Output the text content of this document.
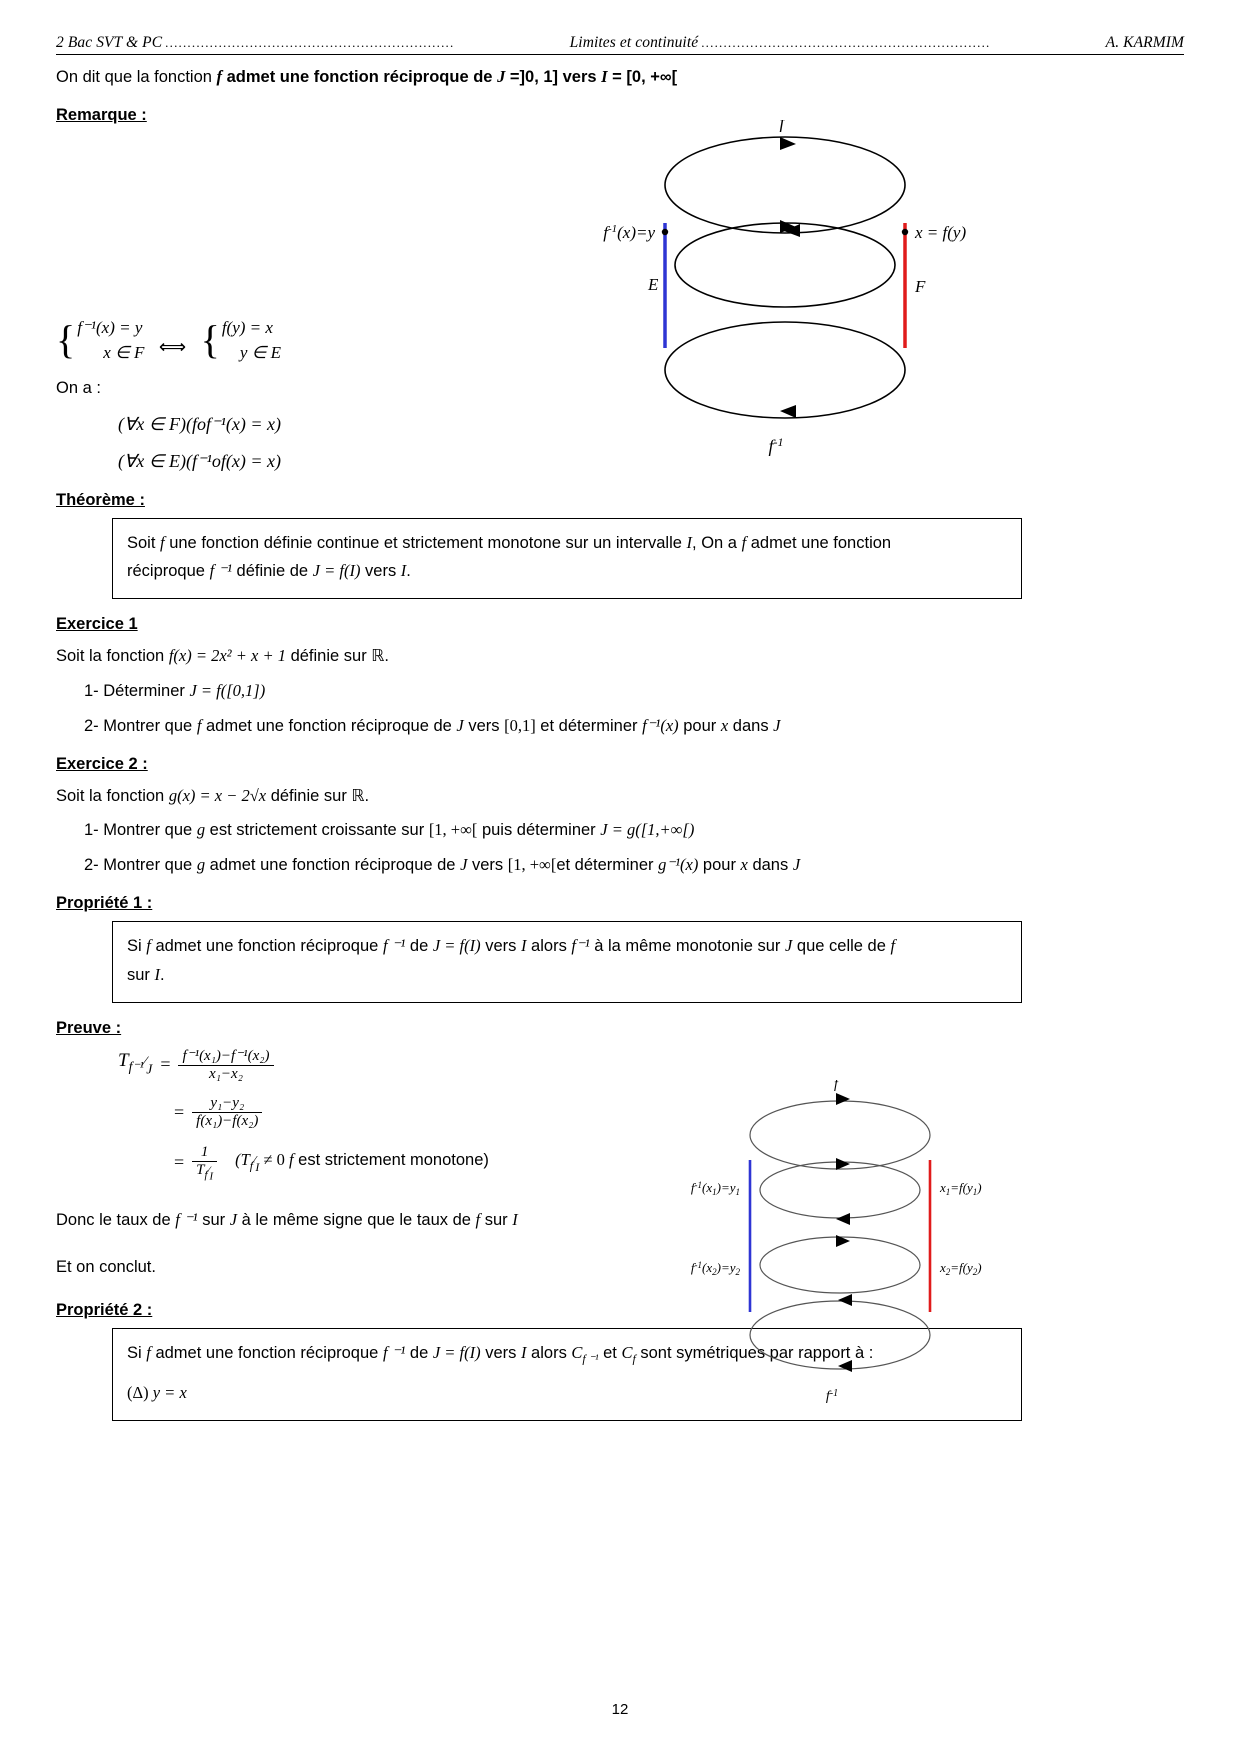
2 Bac SVT & PC .................................................................	Limites et continuité .................................................................	A. KARMIM
On dit que la fonction f admet une fonction réciproque de J =]0, 1] vers I = [0, +∞[
Remarque :	f
$f^{-1}$
$f^{-1}(x)=y$	x = f(y)
E	F
{ f⁻¹(x) = y
x ∈ F ⟺ { f(y) = x
y ∈ E
On a :
(∀x ∈ F)(fof⁻¹(x) = x)
(∀x ∈ E)(f⁻¹of(x) = x)
Théorème :
Soit f une fonction définie continue et strictement monotone sur un intervalle I, On a f admet une fonction
réciproque f ⁻¹ définie de J = f(I) vers I.
Exercice 1
Soit la fonction f(x) = 2x² + x + 1 définie sur ℝ.
1- Déterminer J = f([0,1])
2- Montrer que f admet une fonction réciproque de J vers [0,1] et déterminer f⁻¹(x) pour x dans J
Exercice 2 :
Soit la fonction g(x) = x − 2√x définie sur ℝ.
1- Montrer que g est strictement croissante sur [1, +∞[ puis déterminer J = g([1,+∞[)
2- Montrer que g admet une fonction réciproque de J vers [1, +∞[et déterminer g⁻¹(x) pour x dans J
Propriété 1 :
Si f admet une fonction réciproque f ⁻¹ de J = f(I) vers I alors f⁻¹ à la même monotonie sur J que celle de f
sur I.
Preuve :
f
$f^{-1}$
$f^{-1}(x_1)=y_1$	$x_1=f(y_1)$
$f^{-1}(x_2)=y_2$	$x_2=f(y_2)$
$T_{f^{-1}}⁄_J = \frac{\text{f⁻¹(x₁)−f⁻¹(x₂)}}{\text{x₁−x₂}}$
= $\frac{\text{y₁−y₂}}{\text{f(x₁)−f(x₂)}}$
= $\frac{1}{T_f⁄_I}$ ($T_f⁄_I \ne 0$ f est strictement monotone)
Donc le taux de f ⁻¹ sur J à le même signe que le taux de f sur I
Et on conclut.
Propriété 2 :
Si f admet une fonction réciproque f ⁻¹ de J = f(I) vers I alors $C_{f ^{-1}}$ et $C_f$ sont symétriques par rapport à :
(Δ) y = x
12
